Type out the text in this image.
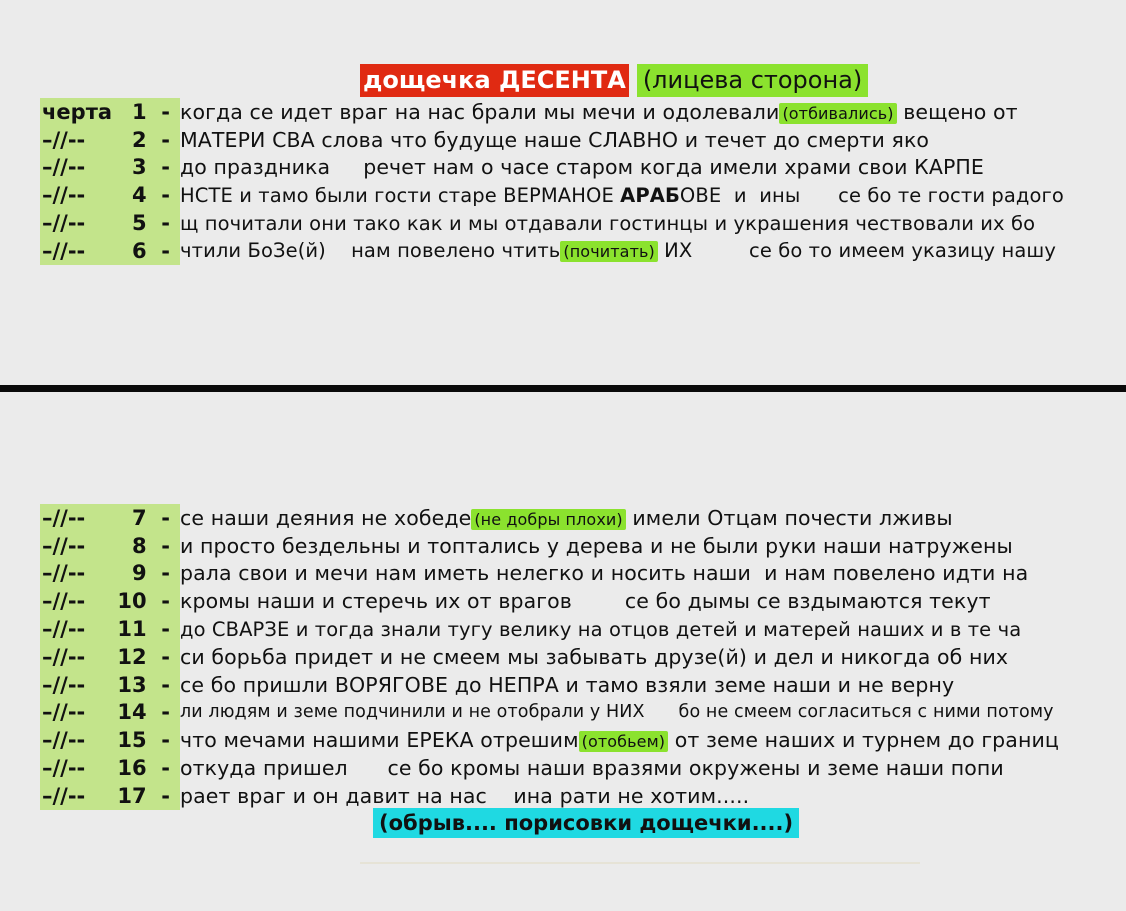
дощечка ДЕСЕНТА (лицева сторона)
черта 1 - когда се идет враг на нас брали мы мечи и одолевали (отбивались) вещено от
–//-- 2 - МАТЕРИ СВА слова что будуще наше СЛАВНО и течет до смерти яко
–//-- 3 - до праздника     речет нам о часе старом когда имели храми свои КАРПЕ
–//-- 4 - НСТЕ и тамо были гости старе ВЕРМАНОЕ АРАБОВЕ  и  ины      се бо те гости радого
–//-- 5 - щ почитали они тако как и мы отдавали гостинцы и украшения чествовали их бо
–//-- 6 - чтили БоЗе(й)    нам повелено чтить (почитать) ИХ         се бо то имеем указицу нашу
–//-- 7 - се наши деяния не хобеде (не добры плохи) имели Отцам почести лживы
–//-- 8 - и просто бездельны и топтались у дерева и не были руки наши натружены
–//-- 9 - рала свои и мечи нам иметь нелегко и носить наши  и нам повелено идти на
–//-- 10 - кромы наши и стеречь их от врагов        се бо дымы се вздымаются текут
–//-- 11 - до СВАРЗЕ и тогда знали тугу велику на отцов детей и матерей наших и в те ча
–//-- 12 - си борьба придет и не смеем мы забывать друзе(й) и дел и никогда об них
–//-- 13 - се бо пришли ВОРЯГОВЕ до НЕПРА и тамо взяли земе наши и не верну
–//-- 14 - ли людям и земе подчинили и не отобрали у НИХ      бо не смеем согласиться с ними потому
–//-- 15 - что мечами нашими ЕРЕКА отрешим (отобьем) от земе наших и турнем до границ
–//-- 16 - откуда пришел      се бо кромы наши вразями окружены и земе наши попи
–//-- 17 - рает враг и он давит на нас    ина рати не хотим.....
(обрыв.... порисовки дощечки....)
